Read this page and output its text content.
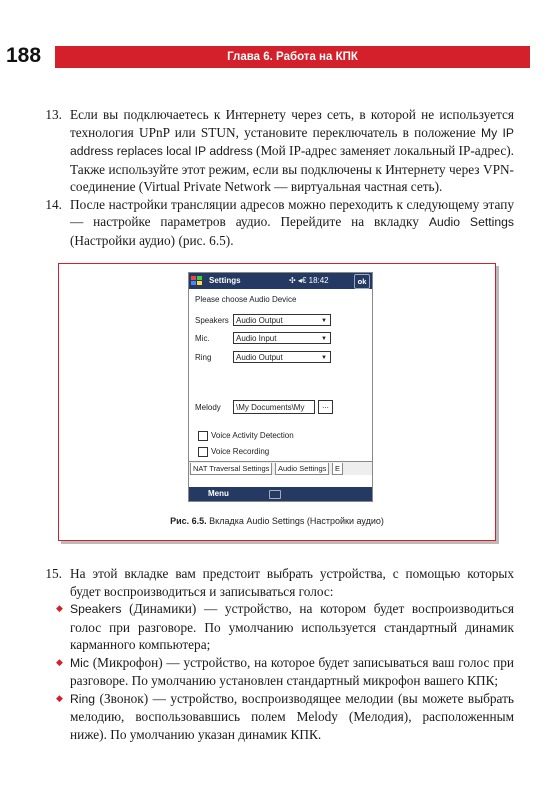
188	Глава 6. Работа на КПК
13. Если вы подключаетесь к Интернету через сеть, в которой не используется технология UPnP или STUN, установите переключатель в положение My IP address replaces local IP address (Мой IP-адрес заменяет локальный IP-адрес). Также используйте этот режим, если вы подключены к Интернету через VPN-соединение (Virtual Private Network — виртуальная частная сеть).
14. После настройки трансляции адресов можно переходить к следующему этапу — настройке параметров аудио. Перейдите на вкладку Audio Settings (Настройки аудио) (рис. 6.5).
Settings	✣ ◂€ 18:42	ok
Please choose Audio Device
Speakers Audio Output	▼
Mic.	Audio Input	▼
Ring	Audio Output	▼
Melody	\My Documents\My	...
Voice Activity Detection
Voice Recording
NAT Traversal Settings	Audio Settings	E
Menu
Рис. 6.5. Вкладка Audio Settings (Настройки аудио)
15. На этой вкладке вам предстоит выбрать устройства, с помощью которых будет воспроизводиться и записываться голос:
◆ Speakers (Динамики) — устройство, на котором будет воспроизводиться голос при разговоре. По умолчанию используется стандартный динамик карманного компьютера;
◆ Mic (Микрофон) — устройство, на которое будет записываться ваш голос при разговоре. По умолчанию установлен стандартный микрофон вашего КПК;
◆ Ring (Звонок) — устройство, воспроизводящее мелодии (вы можете выбрать мелодию, воспользовавшись полем Melody (Мелодия), расположенным ниже). По умолчанию указан динамик КПК.
